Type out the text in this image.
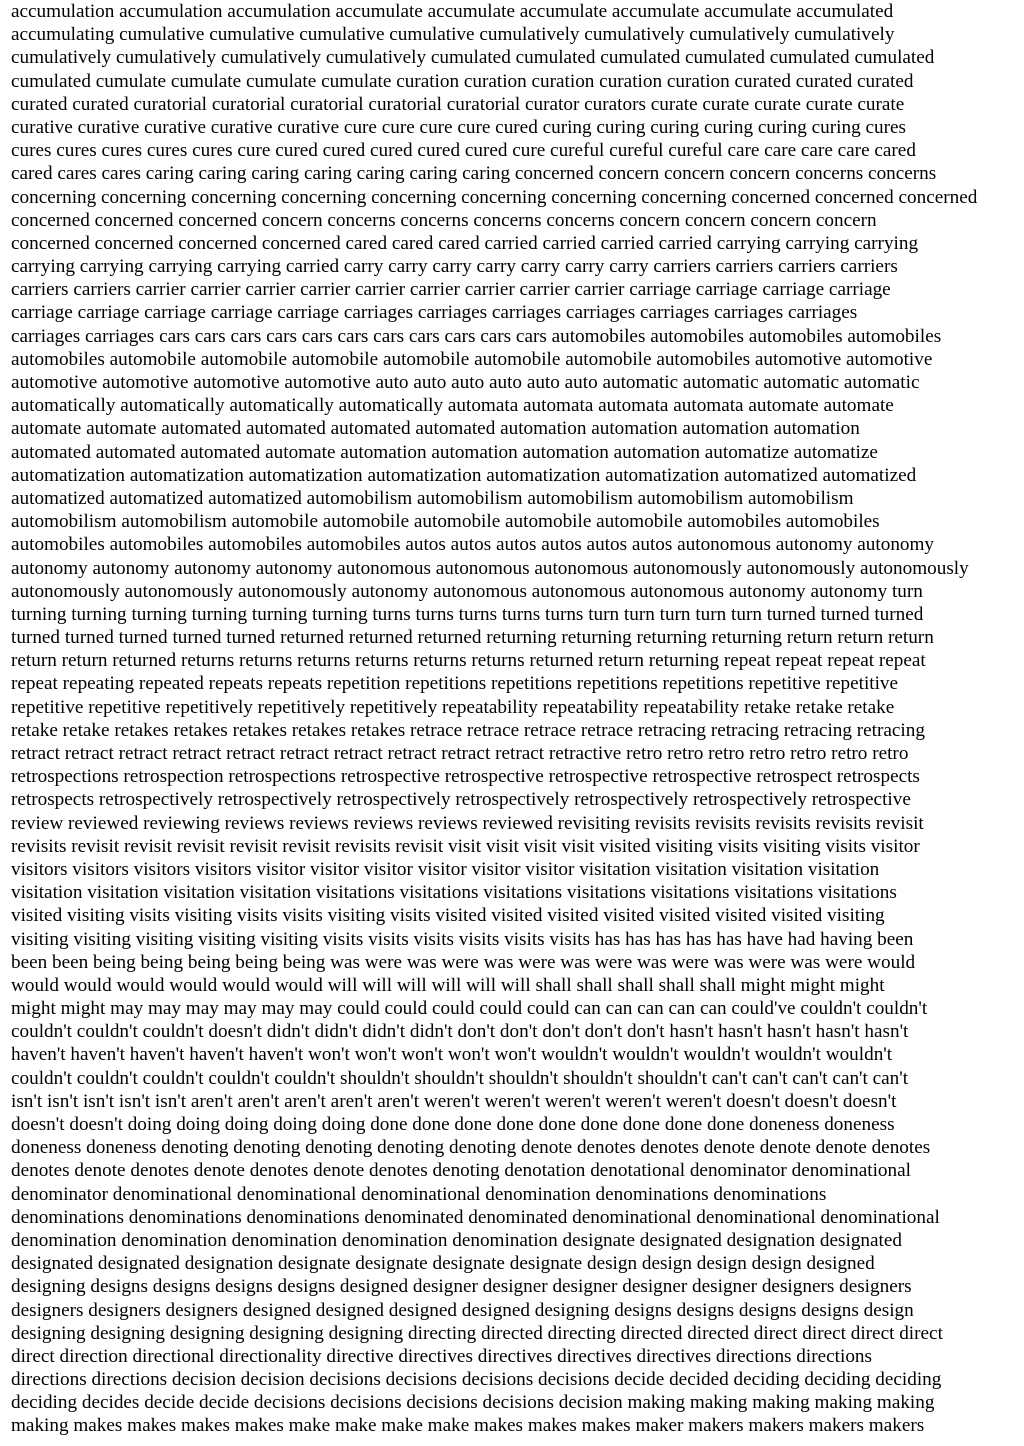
accumulation accumulation accumulation accumulate accumulate accumulate accumulate accumulate accumulated
accumulating cumulative cumulative cumulative cumulative cumulatively cumulatively cumulatively cumulatively
cumulatively cumulatively cumulatively cumulatively cumulated cumulated cumulated cumulated cumulated cumulated
cumulated cumulate cumulate cumulate cumulate curation curation curation curation curation curated curated curated
curated curated curatorial curatorial curatorial curatorial curatorial curator curators curate curate curate curate curate
curative curative curative curative curative cure cure cure cure cured curing curing curing curing curing curing cures
cures cures cures cures cures cure cured cured cured cured cured cure cureful cureful cureful care care care care cared
cared cares cares caring caring caring caring caring caring caring concerned concern concern concern concerns concerns
concerning concerning concerning concerning concerning concerning concerning concerning concerned concerned concerned
concerned concerned concerned concern concerns concerns concerns concerns concern concern concern concern
concerned concerned concerned concerned cared cared cared carried carried carried carried carrying carrying carrying
carrying carrying carrying carrying carried carry carry carry carry carry carry carry carriers carriers carriers carriers
carriers carriers carrier carrier carrier carrier carrier carrier carrier carrier carrier carriage carriage carriage carriage
carriage carriage carriage carriage carriage carriages carriages carriages carriages carriages carriages carriages
carriages carriages cars cars cars cars cars cars cars cars cars cars cars automobiles automobiles automobiles automobiles
automobiles automobile automobile automobile automobile automobile automobile automobiles automotive automotive
automotive automotive automotive automotive auto auto auto auto auto auto automatic automatic automatic automatic
automatically automatically automatically automatically automata automata automata automata automate automate
automate automate automated automated automated automated automation automation automation automation
automated automated automated automate automation automation automation automation automatize automatize
automatization automatization automatization automatization automatization automatization automatized automatized
automatized automatized automatized automobilism automobilism automobilism automobilism automobilism
automobilism automobilism automobile automobile automobile automobile automobile automobiles automobiles
automobiles automobiles automobiles automobiles autos autos autos autos autos autos autonomous autonomy autonomy
autonomy autonomy autonomy autonomy autonomous autonomous autonomous autonomously autonomously autonomously
autonomously autonomously autonomously autonomy autonomous autonomous autonomous autonomy autonomy turn
turning turning turning turning turning turning turns turns turns turns turns turn turn turn turn turn turned turned turned
turned turned turned turned turned returned returned returned returning returning returning returning return return return
return return returned returns returns returns returns returns returns returned return returning repeat repeat repeat repeat
repeat repeating repeated repeats repeats repetition repetitions repetitions repetitions repetitions repetitive repetitive
repetitive repetitive repetitively repetitively repetitively repeatability repeatability repeatability retake retake retake
retake retake retakes retakes retakes retakes retakes retrace retrace retrace retrace retracing retracing retracing retracing
retract retract retract retract retract retract retract retract retract retract retractive retro retro retro retro retro retro retro
retrospections retrospection retrospections retrospective retrospective retrospective retrospective retrospect retrospects
retrospects retrospectively retrospectively retrospectively retrospectively retrospectively retrospectively retrospective
review reviewed reviewing reviews reviews reviews reviews reviewed revisiting revisits revisits revisits revisits revisit
revisits revisit revisit revisit revisit revisit revisits revisit visit visit visit visit visited visiting visits visiting visits visitor
visitors visitors visitors visitors visitor visitor visitor visitor visitor visitor visitation visitation visitation visitation
visitation visitation visitation visitation visitations visitations visitations visitations visitations visitations visitations
visited visiting visits visiting visits visits visiting visits visited visited visited visited visited visited visited visiting
visiting visiting visiting visiting visiting visits visits visits visits visits visits has has has has has have had having been
been been being being being being being was were was were was were was were was were was were was were would
would would would would would would will will will will will will shall shall shall shall shall might might might
might might may may may may may may could could could could could can can can can can could've couldn't couldn't
couldn't couldn't couldn't doesn't didn't didn't didn't didn't don't don't don't don't don't hasn't hasn't hasn't hasn't hasn't
haven't haven't haven't haven't haven't won't won't won't won't won't wouldn't wouldn't wouldn't wouldn't wouldn't
couldn't couldn't couldn't couldn't couldn't shouldn't shouldn't shouldn't shouldn't shouldn't can't can't can't can't can't
isn't isn't isn't isn't isn't aren't aren't aren't aren't aren't weren't weren't weren't weren't weren't doesn't doesn't doesn't
doesn't doesn't doing doing doing doing doing done done done done done done done done done doneness doneness
doneness doneness denoting denoting denoting denoting denoting denote denotes denotes denote denote denote denotes
denotes denote denotes denote denotes denote denotes denoting denotation denotational denominator denominational
denominator denominational denominational denominational denomination denominations denominations
denominations denominations denominations denominated denominated denominational denominational denominational
denomination denomination denomination denomination denomination designate designated designation designated
designated designated designation designate designate designate designate design design design design designed
designing designs designs designs designs designed designer designer designer designer designer designers designers
designers designers designers designed designed designed designed designing designs designs designs designs design
designing designing designing designing designing directing directed directing directed directed direct direct direct direct
direct direction directional directionality directive directives directives directives directives directions directions
directions directions decision decision decisions decisions decisions decisions decide decided deciding deciding deciding
deciding decides decide decide decisions decisions decisions decisions decision making making making making making
making makes makes makes makes make make make make makes makes makes maker makers makers makers makers
